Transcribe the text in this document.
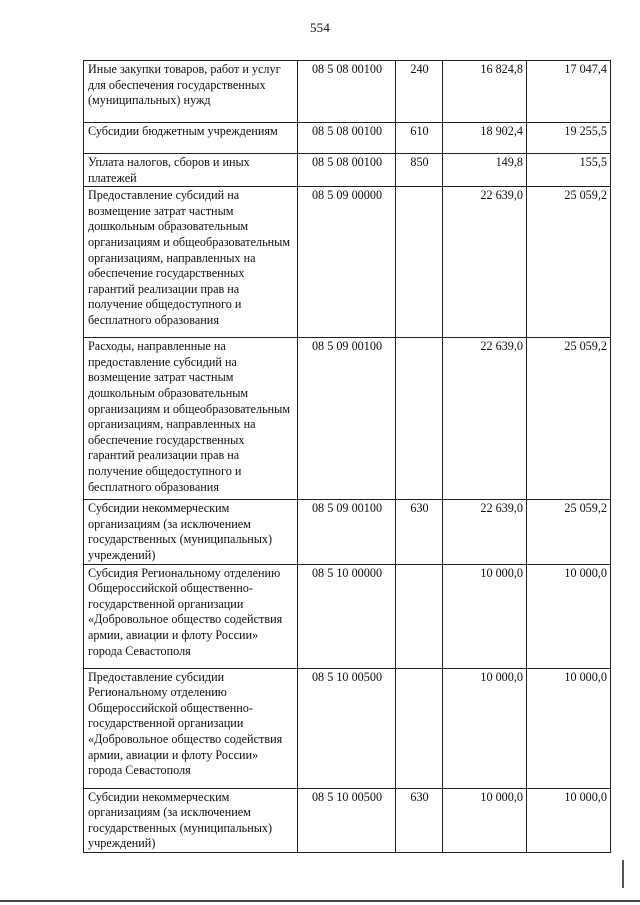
554
Иные закупки товаров, работ и услуг для обеспечения государственных (муниципальных) нужд	08 5 08 00100	240	16 824,8	17 047,4
Субсидии бюджетным учреждениям	08 5 08 00100	610	18 902,4	19 255,5
Уплата налогов, сборов и иных платежей	08 5 08 00100	850	149,8	155,5
Предоставление субсидий на возмещение затрат частным дошкольным образовательным организациям и общеобразовательным организациям, направленных на обеспечение государственных гарантий реализации прав на получение общедоступного и бесплатного образования	08 5 09 00000		22 639,0	25 059,2
Расходы, направленные на предоставление субсидий на возмещение затрат частным дошкольным образовательным организациям и общеобразовательным организациям, направленных на обеспечение государственных гарантий реализации прав на получение общедоступного и бесплатного образования	08 5 09 00100		22 639,0	25 059,2
Субсидии некоммерческим организациям (за исключением государственных (муниципальных) учреждений)	08 5 09 00100	630	22 639,0	25 059,2
Субсидия Региональному отделению Общероссийской общественно-государственной организации «Добровольное общество содействия армии, авиации и флоту России» города Севастополя	08 5 10 00000		10 000,0	10 000,0
Предоставление субсидии Региональному отделению Общероссийской общественно-государственной организации «Добровольное общество содействия армии, авиации и флоту России» города Севастополя	08 5 10 00500		10 000,0	10 000,0
Субсидии некоммерческим организациям (за исключением государственных (муниципальных) учреждений)	08 5 10 00500	630	10 000,0	10 000,0
